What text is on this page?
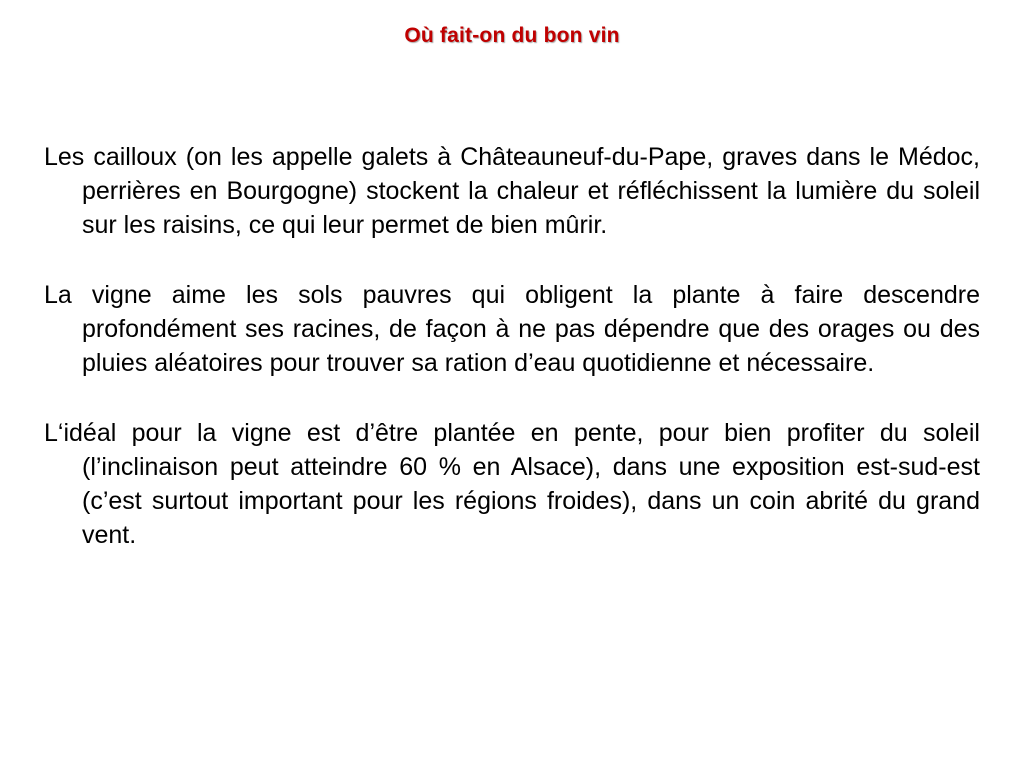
Où fait-on du bon vin

Les cailloux (on les appelle galets à Châteauneuf-du-Pape, graves dans le Médoc, perrières en Bourgogne) stockent la chaleur et réfléchissent la lumière du soleil sur les raisins, ce qui leur permet de bien mûrir.

La vigne aime les sols pauvres qui obligent la plante à faire descendre profondément ses racines, de façon à ne pas dépendre que des orages ou des pluies aléatoires pour trouver sa ration d’eau quotidienne et nécessaire.

L‘idéal pour la vigne est d’être plantée en pente, pour bien profiter du soleil (l’inclinaison peut atteindre 60 % en Alsace), dans une exposition est-sud-est (c’est surtout important pour les régions froides), dans un coin abrité du grand vent.
